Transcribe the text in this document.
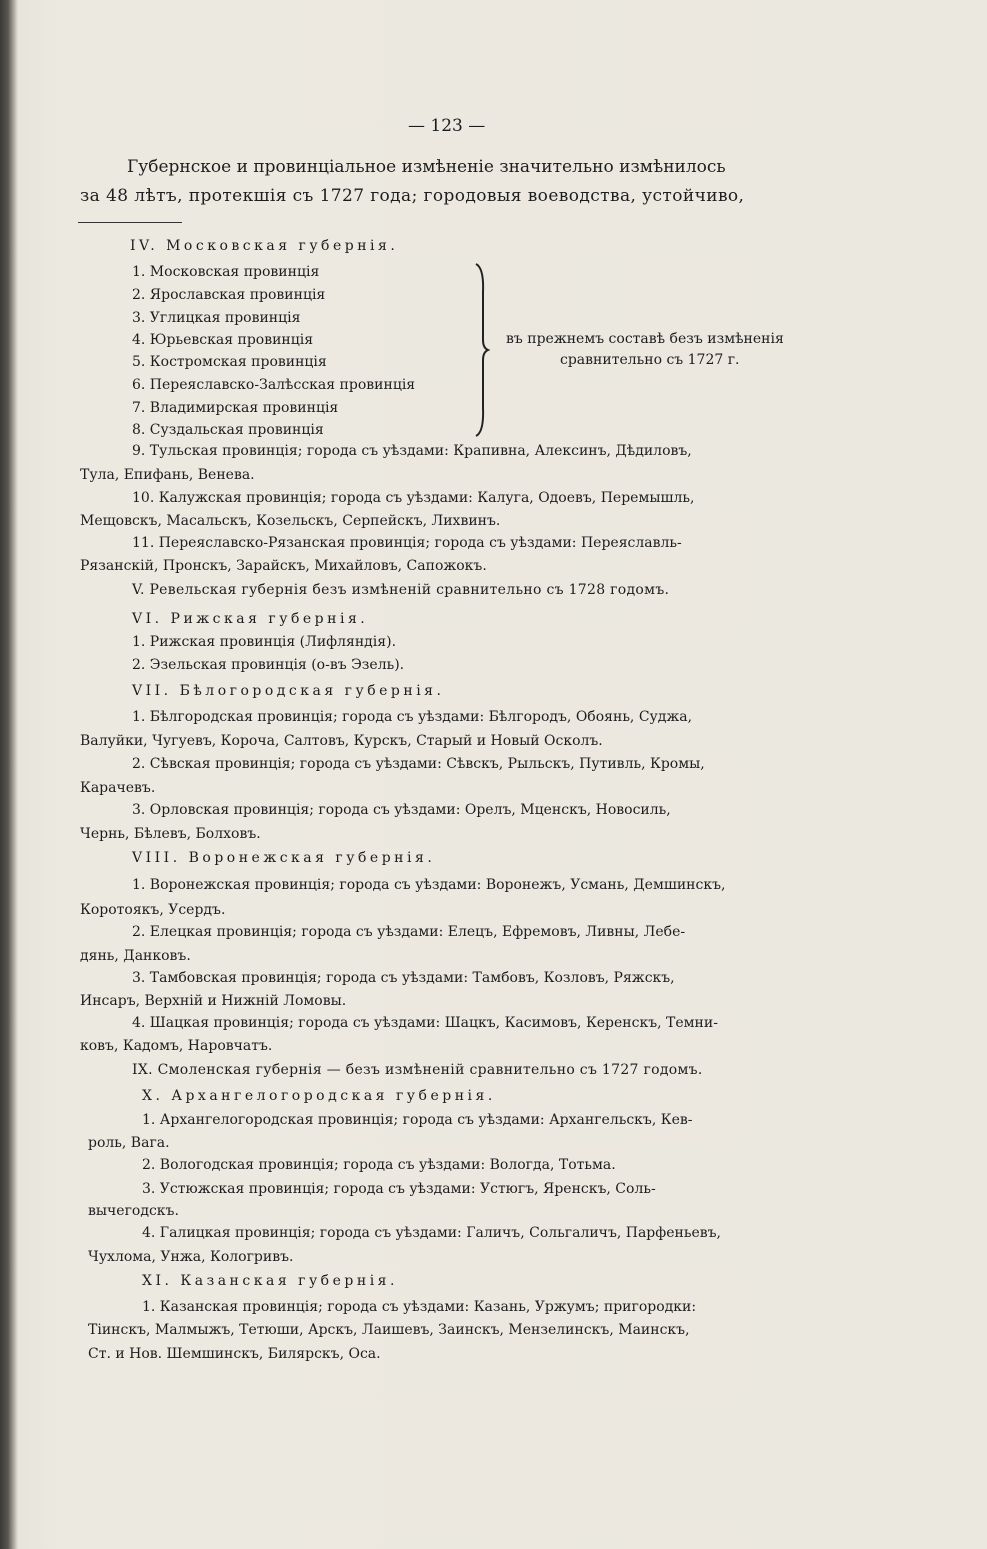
— 123 —
Губернское и провинціальное измѣненіе значительно измѣнилось
за 48 лѣтъ, протекшія съ 1727 года; городовыя воеводства, устойчиво,
IV. Московская губернія.
1. Московская провинція
2. Ярославская провинція
3. Углицкая провинція
4. Юрьевская провинція
5. Костромская провинція
6. Переяславско-Залѣсская провинція
7. Владимирская провинція
8. Суздальская провинція
въ прежнемъ составѣ безъ измѣненія
сравнительно съ 1727 г.
9. Тульская провинція; города съ уѣздами: Крапивна, Алексинъ, Дѣдиловъ,
Тула, Епифань, Венева.
10. Калужская провинція; города съ уѣздами: Калуга, Одоевъ, Перемышль,
Мещовскъ, Масальскъ, Козельскъ, Серпейскъ, Лихвинъ.
11. Переяславско-Рязанская провинція; города съ уѣздами: Переяславль-
Рязанскій, Пронскъ, Зарайскъ, Михайловъ, Сапожокъ.
V. Ревельская губернія безъ измѣненій сравнительно съ 1728 годомъ.
VI. Рижская губернія.
1. Рижская провинція (Лифляндія).
2. Эзельская провинція (о-въ Эзель).
VII. Бѣлогородская губернія.
1. Бѣлгородская провинція; города съ уѣздами: Бѣлгородъ, Обоянь, Суджа,
Валуйки, Чугуевъ, Короча, Салтовъ, Курскъ, Старый и Новый Осколъ.
2. Сѣвская провинція; города съ уѣздами: Сѣвскъ, Рыльскъ, Путивль, Кромы,
Карачевъ.
3. Орловская провинція; города съ уѣздами: Орелъ, Мценскъ, Новосиль,
Чернь, Бѣлевъ, Болховъ.
VIII. Воронежская губернія.
1. Воронежская провинція; города съ уѣздами: Воронежъ, Усмань, Демшинскъ,
Коротоякъ, Усердъ.
2. Елецкая провинція; города съ уѣздами: Елецъ, Ефремовъ, Ливны, Лебе-
дянь, Данковъ.
3. Тамбовская провинція; города съ уѣздами: Тамбовъ, Козловъ, Ряжскъ,
Инсаръ, Верхній и Нижній Ломовы.
4. Шацкая провинція; города съ уѣздами: Шацкъ, Касимовъ, Керенскъ, Темни-
ковъ, Кадомъ, Наровчатъ.
IX. Смоленская губернія — безъ измѣненій сравнительно съ 1727 годомъ.
X. Архангелогородская губернія.
1. Архангелогородская провинція; города съ уѣздами: Архангельскъ, Кев-
роль, Вага.
2. Вологодская провинція; города съ уѣздами: Вологда, Тотьма.
3. Устюжская провинція; города съ уѣздами: Устюгъ, Яренскъ, Соль-
вычегодскъ.
4. Галицкая провинція; города съ уѣздами: Галичъ, Сольгаличъ, Парфеньевъ,
Чухлома, Унжа, Кологривъ.
XI. Казанская губернія.
1. Казанская провинція; города съ уѣздами: Казань, Уржумъ; пригородки:
Тіинскъ, Малмыжъ, Тетюши, Арскъ, Лаишевъ, Заинскъ, Мензелинскъ, Маинскъ,
Ст. и Нов. Шемшинскъ, Билярскъ, Оса.
